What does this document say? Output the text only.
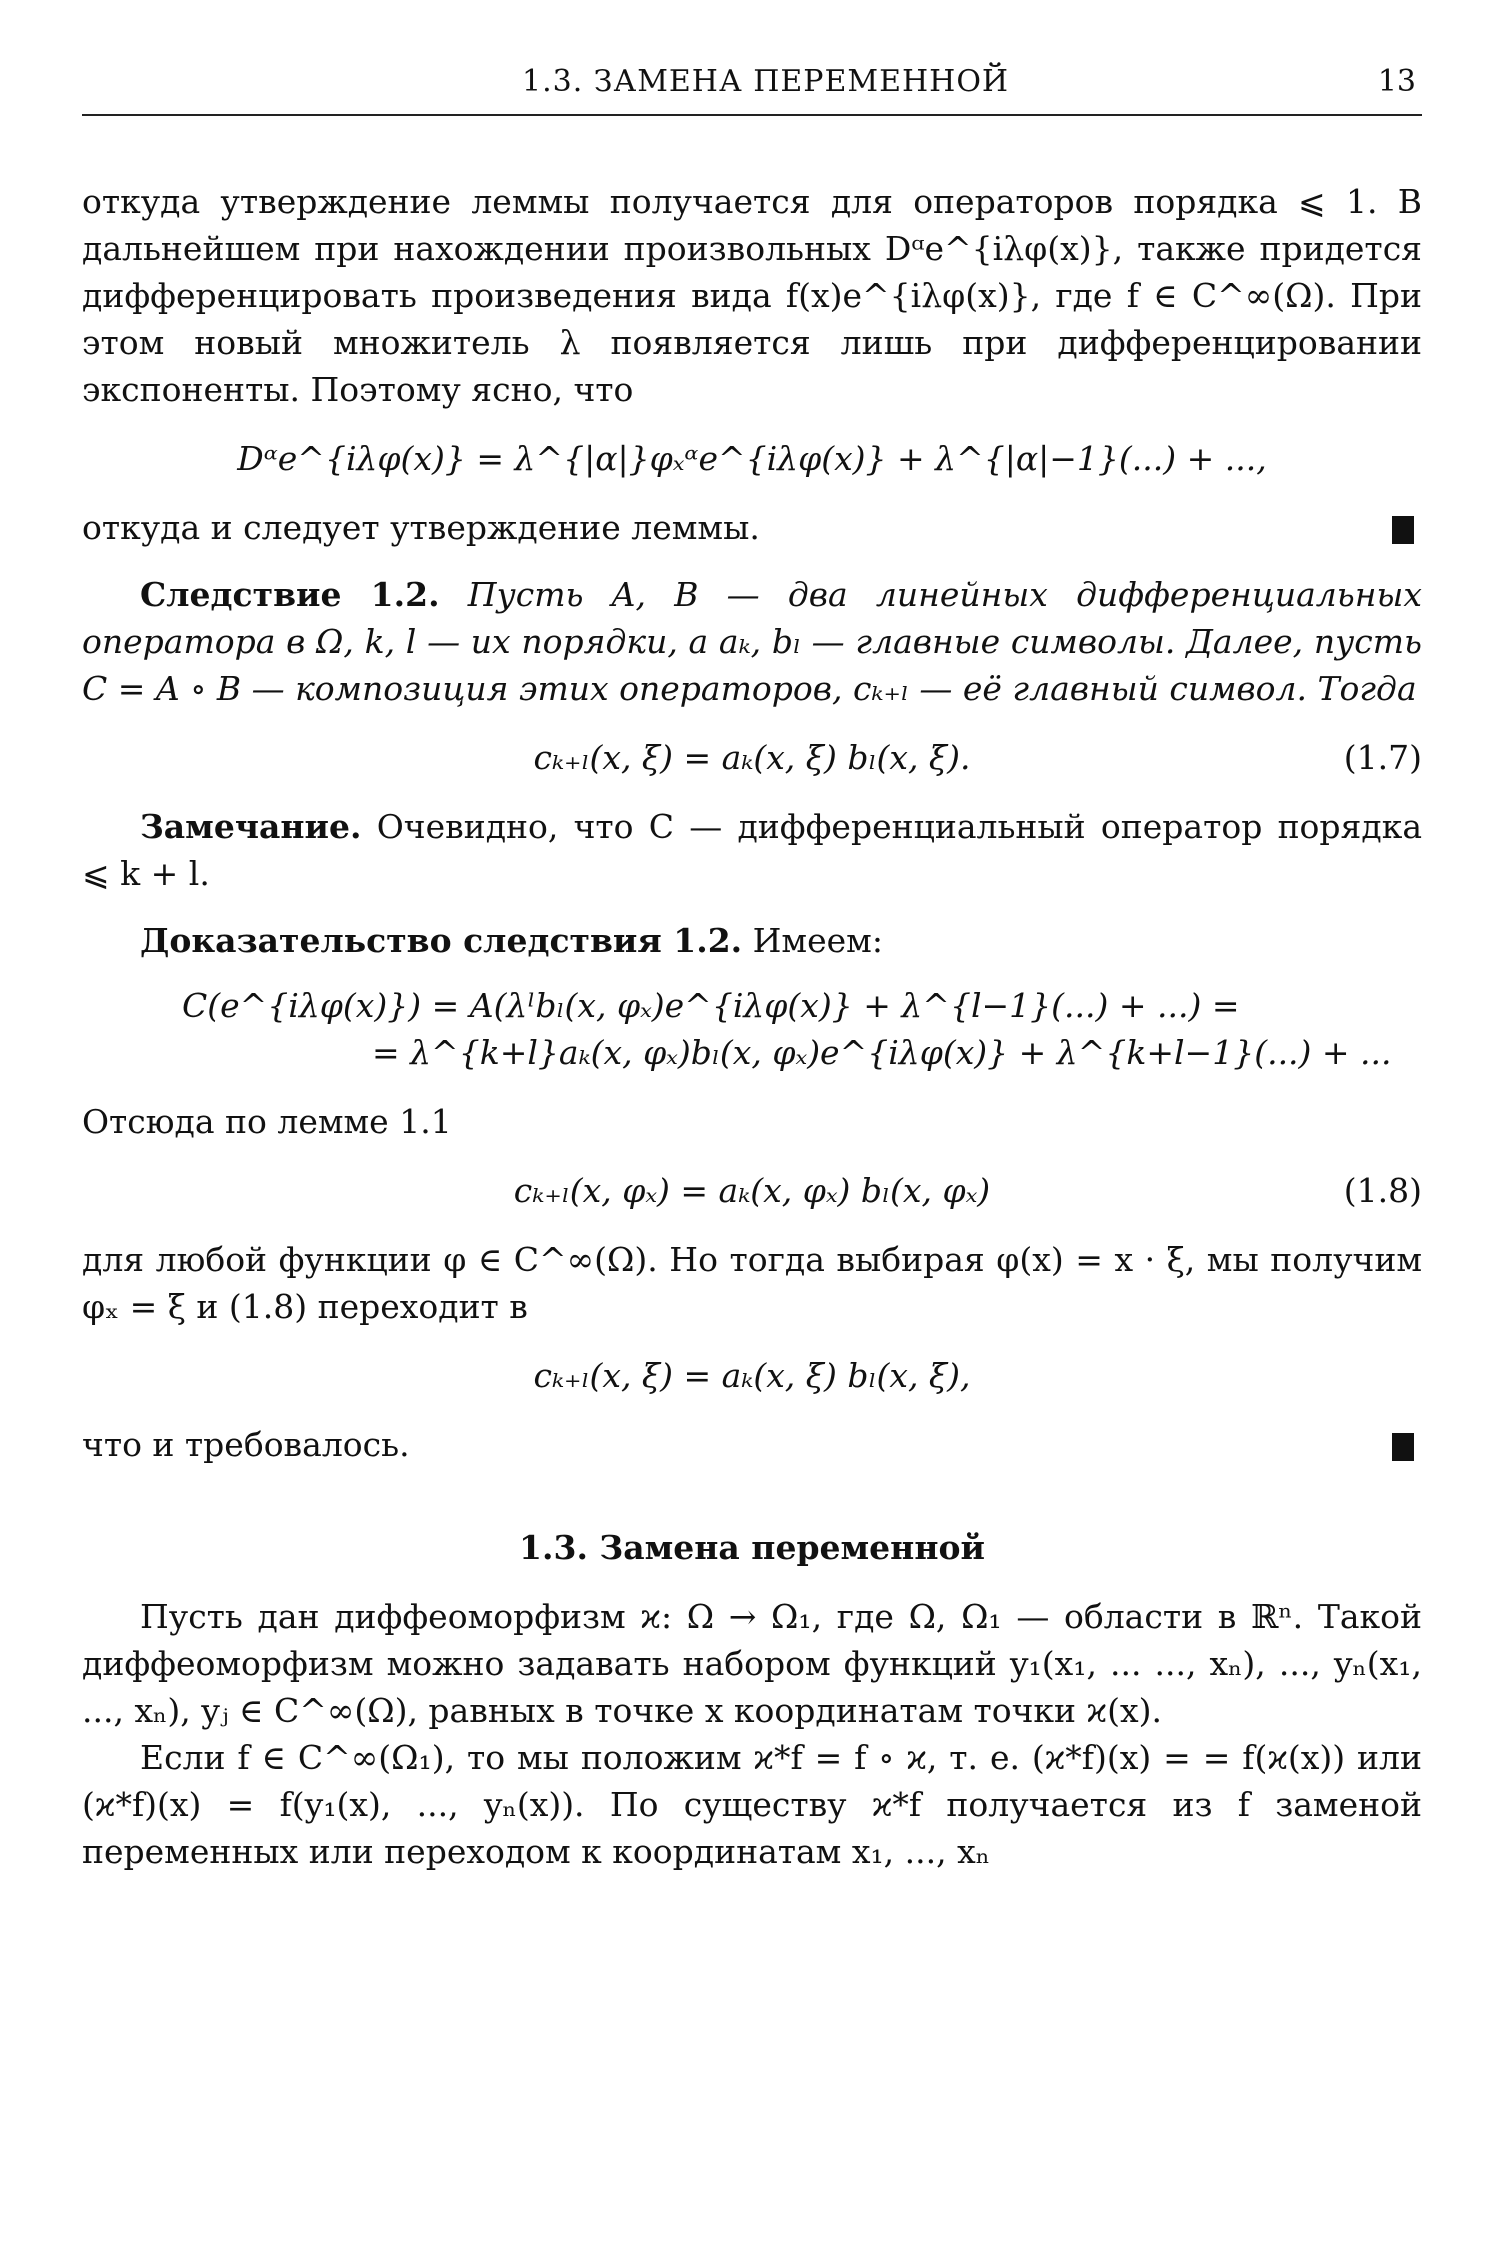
1.3. ЗАМЕНА ПЕРЕМЕННОЙ	13

откуда утверждение леммы получается для операторов порядка ⩽ 1. В дальнейшем при нахождении произвольных Dᵅe^{iλφ(x)}, также придется дифференцировать произведения вида f(x)e^{iλφ(x)}, где f ∈ C^∞(Ω). При этом новый множитель λ появляется лишь при дифференцировании экспоненты. Поэтому ясно, что

Dᵅe^{iλφ(x)} = λ^{|α|}φₓᵅe^{iλφ(x)} + λ^{|α|−1}(...) + ...,

откуда и следует утверждение леммы.

Следствие 1.2. Пусть A, B — два линейных дифференциальных оператора в Ω, k, l — их порядки, а aₖ, bₗ — главные символы. Далее, пусть C = A ∘ B — композиция этих операторов, cₖ₊ₗ — её главный символ. Тогда

cₖ₊ₗ(x, ξ) = aₖ(x, ξ) bₗ(x, ξ).	(1.7)

Замечание. Очевидно, что C — дифференциальный оператор порядка ⩽ k + l.

Доказательство следствия 1.2. Имеем:

C(e^{iλφ(x)}) = A(λˡbₗ(x, φₓ)e^{iλφ(x)} + λ^{l−1}(...) + ...) =
= λ^{k+l}aₖ(x, φₓ)bₗ(x, φₓ)e^{iλφ(x)} + λ^{k+l−1}(...) + ...

Отсюда по лемме 1.1

cₖ₊ₗ(x, φₓ) = aₖ(x, φₓ) bₗ(x, φₓ)	(1.8)

для любой функции φ ∈ C^∞(Ω). Но тогда выбирая φ(x) = x · ξ, мы получим φₓ = ξ и (1.8) переходит в

cₖ₊ₗ(x, ξ) = aₖ(x, ξ) bₗ(x, ξ),

что и требовалось.

1.3. Замена переменной

Пусть дан диффеоморфизм ϰ: Ω → Ω₁, где Ω, Ω₁ — области в ℝⁿ. Такой диффеоморфизм можно задавать набором функций y₁(x₁, ... ..., xₙ), ..., yₙ(x₁, ..., xₙ), yⱼ ∈ C^∞(Ω), равных в точке x координатам точки ϰ(x).

Если f ∈ C^∞(Ω₁), то мы положим ϰ*f = f ∘ ϰ, т. е. (ϰ*f)(x) = = f(ϰ(x)) или (ϰ*f)(x) = f(y₁(x), ..., yₙ(x)). По существу ϰ*f получается из f заменой переменных или переходом к координатам x₁, ..., xₙ
